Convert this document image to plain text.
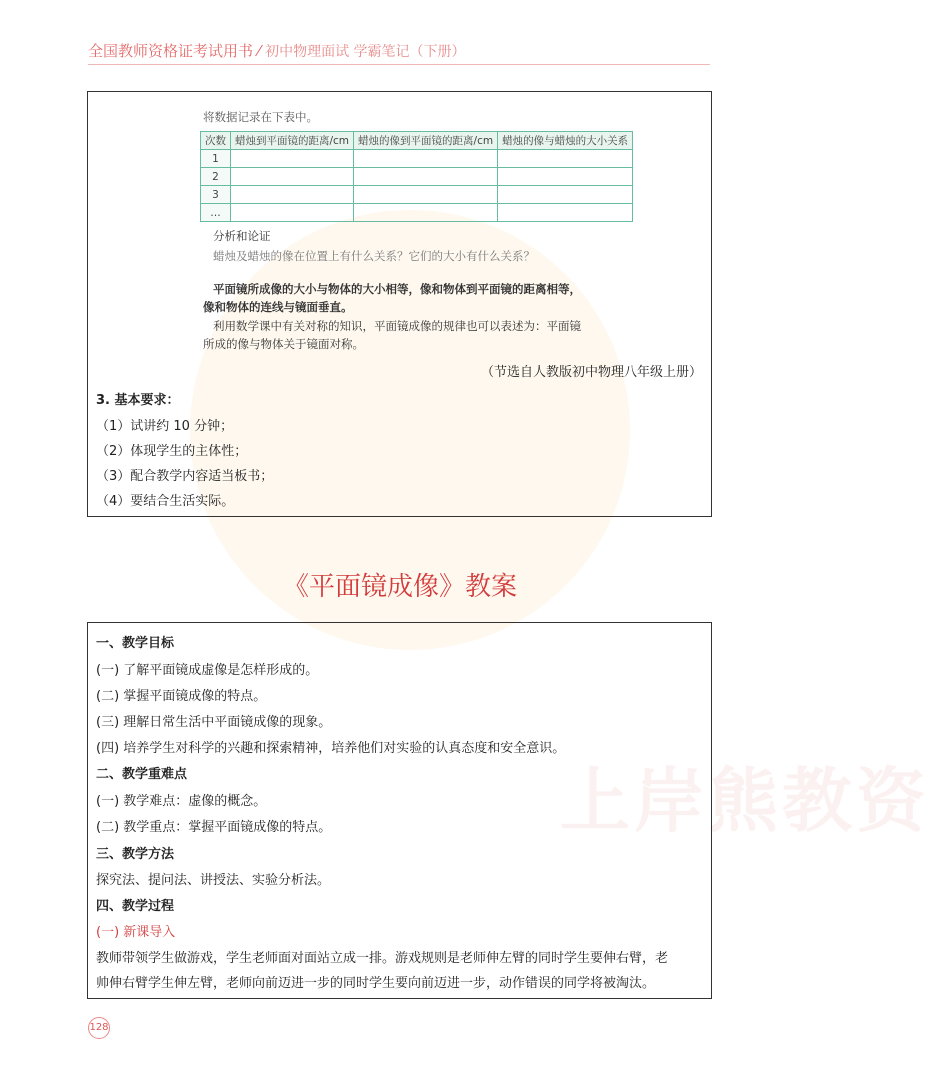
全国教师资格证考试用书 ⁄ 初中物理面试 学霸笔记（下册）
上岸熊教资
将数据记录在下表中。
次数	蜡烛到平面镜的距离/cm	蜡烛的像到平面镜的距离/cm	蜡烛的像与蜡烛的大小关系
1			
2			
3			
…			
分析和论证
蜡烛及蜡烛的像在位置上有什么关系？它们的大小有什么关系？
平面镜所成像的大小与物体的大小相等，像和物体到平面镜的距离相等，
像和物体的连线与镜面垂直。
利用数学课中有关对称的知识，平面镜成像的规律也可以表述为：平面镜
所成的像与物体关于镜面对称。
（节选自人教版初中物理八年级上册）
3. 基本要求：
（1）试讲约 10 分钟；
（2）体现学生的主体性；
（3）配合教学内容适当板书；
（4）要结合生活实际。
《平面镜成像》教案
一、教学目标
(一) 了解平面镜成虚像是怎样形成的。
(二) 掌握平面镜成像的特点。
(三) 理解日常生活中平面镜成像的现象。
(四) 培养学生对科学的兴趣和探索精神，培养他们对实验的认真态度和安全意识。
二、教学重难点
(一) 教学难点：虚像的概念。
(二) 教学重点：掌握平面镜成像的特点。
三、教学方法
探究法、提问法、讲授法、实验分析法。
四、教学过程
(一) 新课导入
教师带领学生做游戏，学生老师面对面站立成一排。游戏规则是老师伸左臂的同时学生要伸右臂，老
帅伸右臂学生伸左臂，老师向前迈进一步的同时学生要向前迈进一步，动作错误的同学将被淘汰。
128
